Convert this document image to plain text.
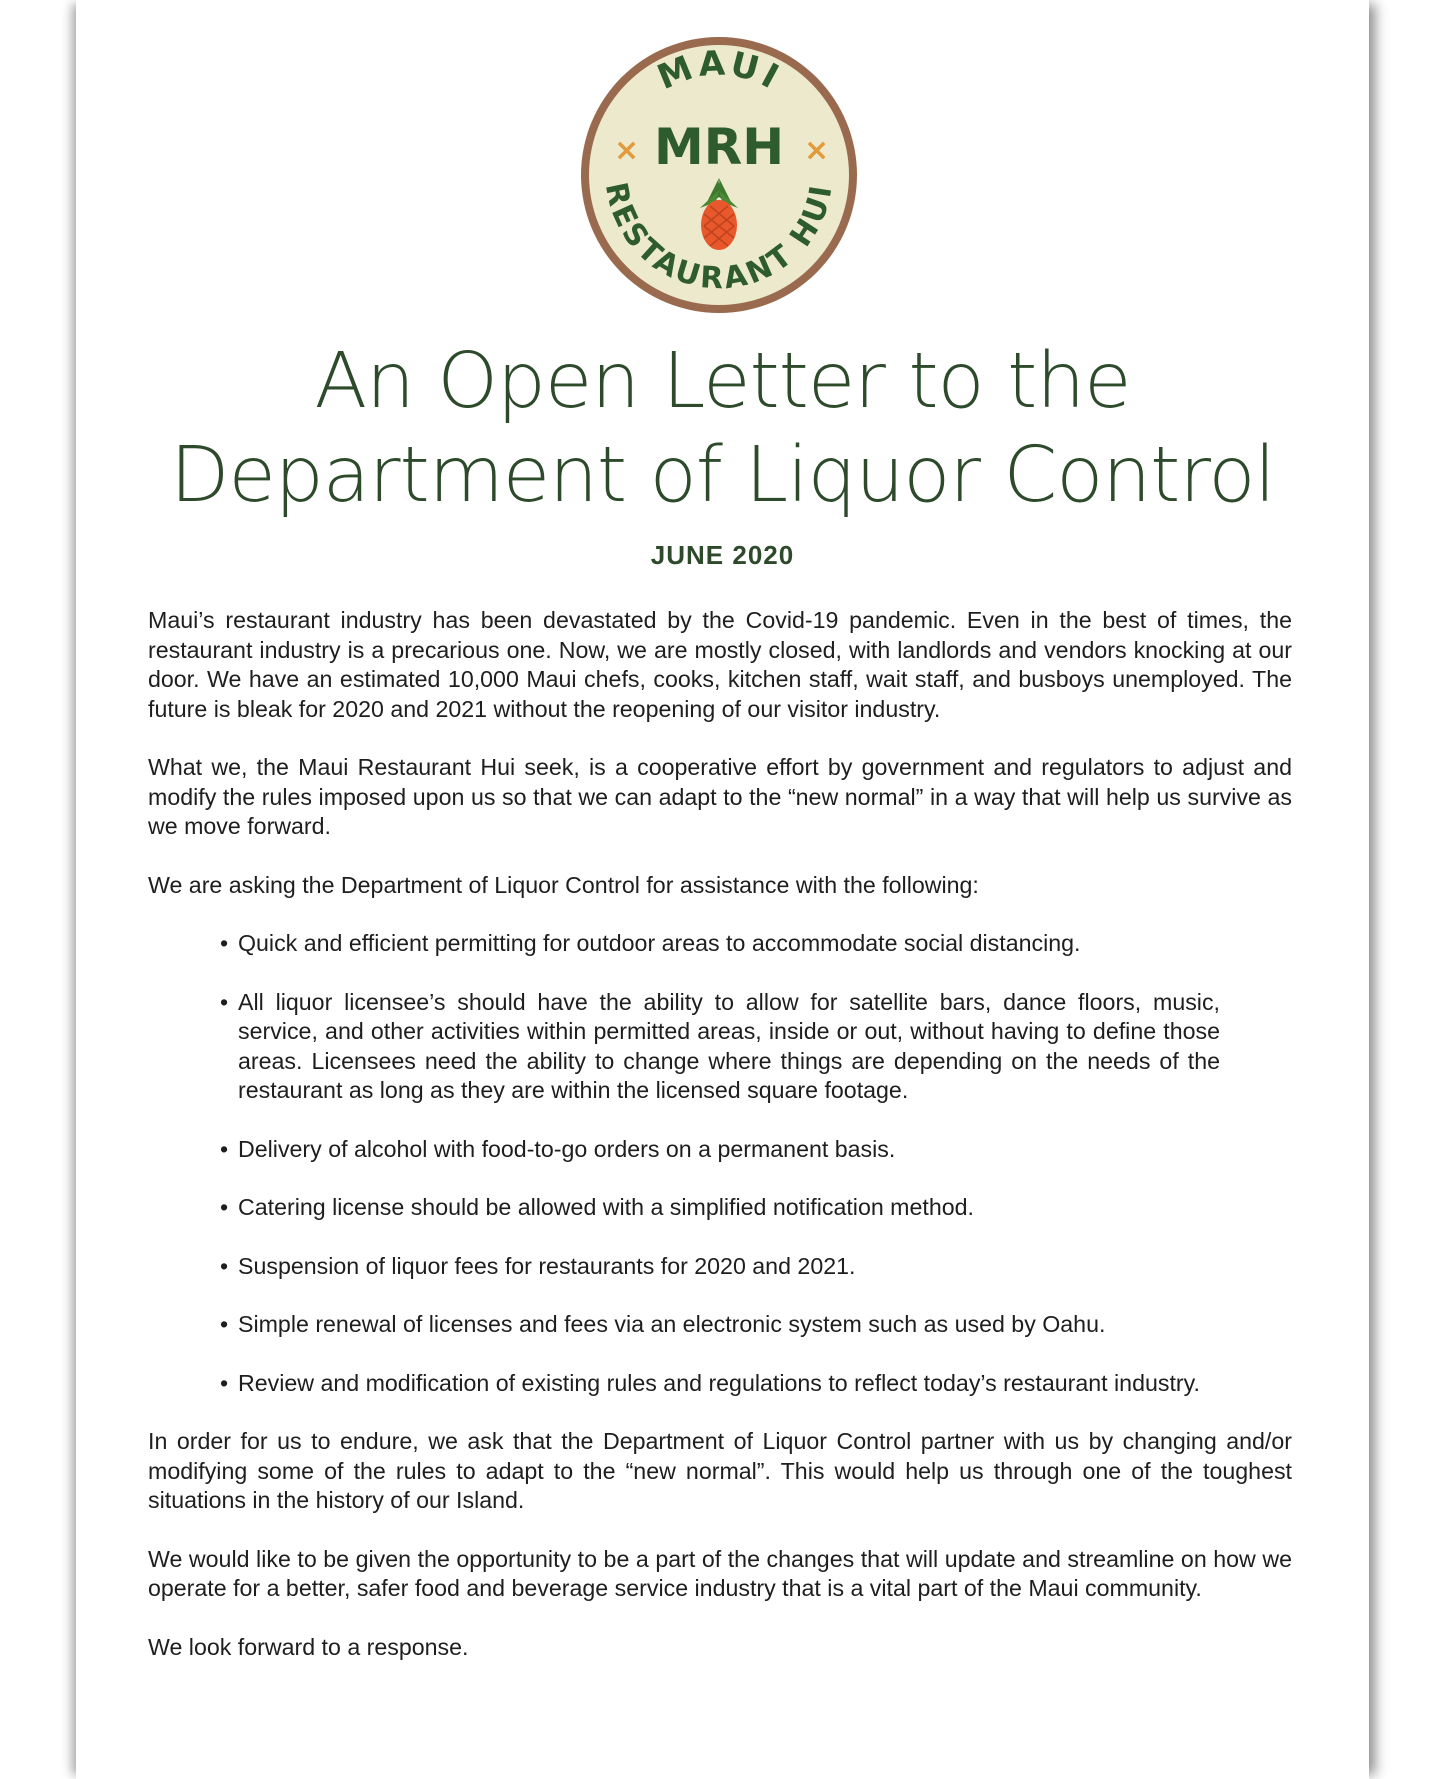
MAUI
RESTAURANT HUI
×	×
MRH
An Open Letter to the
Department of Liquor Control
JUNE 2020

Maui’s restaurant industry has been devastated by the Covid-19 pandemic. Even in the best of times, the restaurant industry is a precarious one. Now, we are mostly closed, with landlords and vendors knocking at our door. We have an estimated 10,000 Maui chefs, cooks, kitchen staff, wait staff, and busboys unemployed. The future is bleak for 2020 and 2021 without the reopening of our visitor industry.

What we, the Maui Restaurant Hui seek, is a cooperative effort by government and regulators to adjust and modify the rules imposed upon us so that we can adapt to the “new normal” in a way that will help us survive as we move forward.

We are asking the Department of Liquor Control for assistance with the following:

• Quick and efficient permitting for outdoor areas to accommodate social distancing.
• All liquor licensee’s should have the ability to allow for satellite bars, dance floors, music, service, and other activities within permitted areas, inside or out, without having to define those areas. Licensees need the ability to change where things are depending on the needs of the restaurant as long as they are within the licensed square footage.
• Delivery of alcohol with food-to-go orders on a permanent basis.
• Catering license should be allowed with a simplified notification method.
• Suspension of liquor fees for restaurants for 2020 and 2021.
• Simple renewal of licenses and fees via an electronic system such as used by Oahu.
• Review and modification of existing rules and regulations to reflect today’s restaurant industry.

In order for us to endure, we ask that the Department of Liquor Control partner with us by changing and/or modifying some of the rules to adapt to the “new normal”. This would help us through one of the toughest situations in the history of our Island.

We would like to be given the opportunity to be a part of the changes that will update and streamline on how we operate for a better, safer food and beverage service industry that is a vital part of the Maui community.

We look forward to a response.
